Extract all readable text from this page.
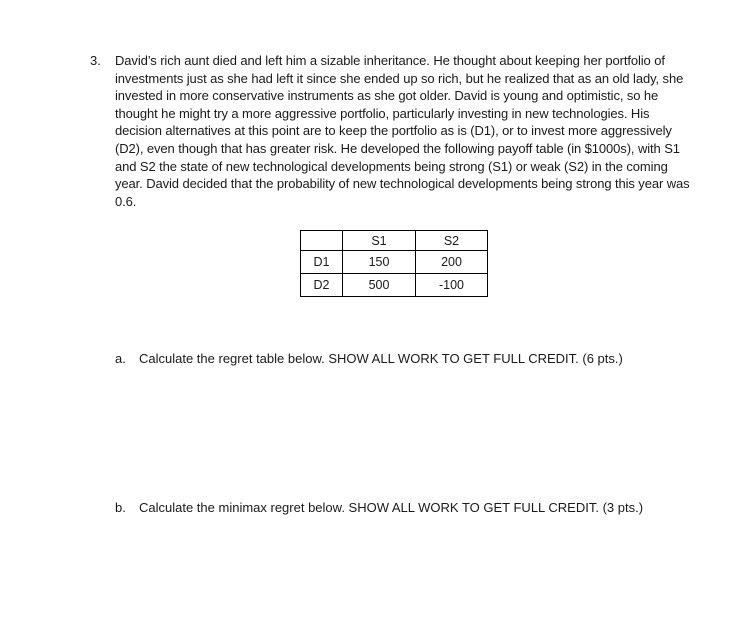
3.	David’s rich aunt died and left him a sizable inheritance. He thought about keeping her portfolio of investments just as she had left it since she ended up so rich, but he realized that as an old lady, she invested in more conservative instruments as she got older. David is young and optimistic, so he thought he might try a more aggressive portfolio, particularly investing in new technologies. His decision alternatives at this point are to keep the portfolio as is (D1), or to invest more aggressively (D2), even though that has greater risk. He developed the following payoff table (in $1000s), with S1 and S2 the state of new technological developments being strong (S1) or weak (S2) in the coming year. David decided that the probability of new technological developments being strong this year was 0.6.
	S1	S2
D1	150	200
D2	500	-100
a.	Calculate the regret table below. SHOW ALL WORK TO GET FULL CREDIT. (6 pts.)
b.	Calculate the minimax regret below. SHOW ALL WORK TO GET FULL CREDIT. (3 pts.)
